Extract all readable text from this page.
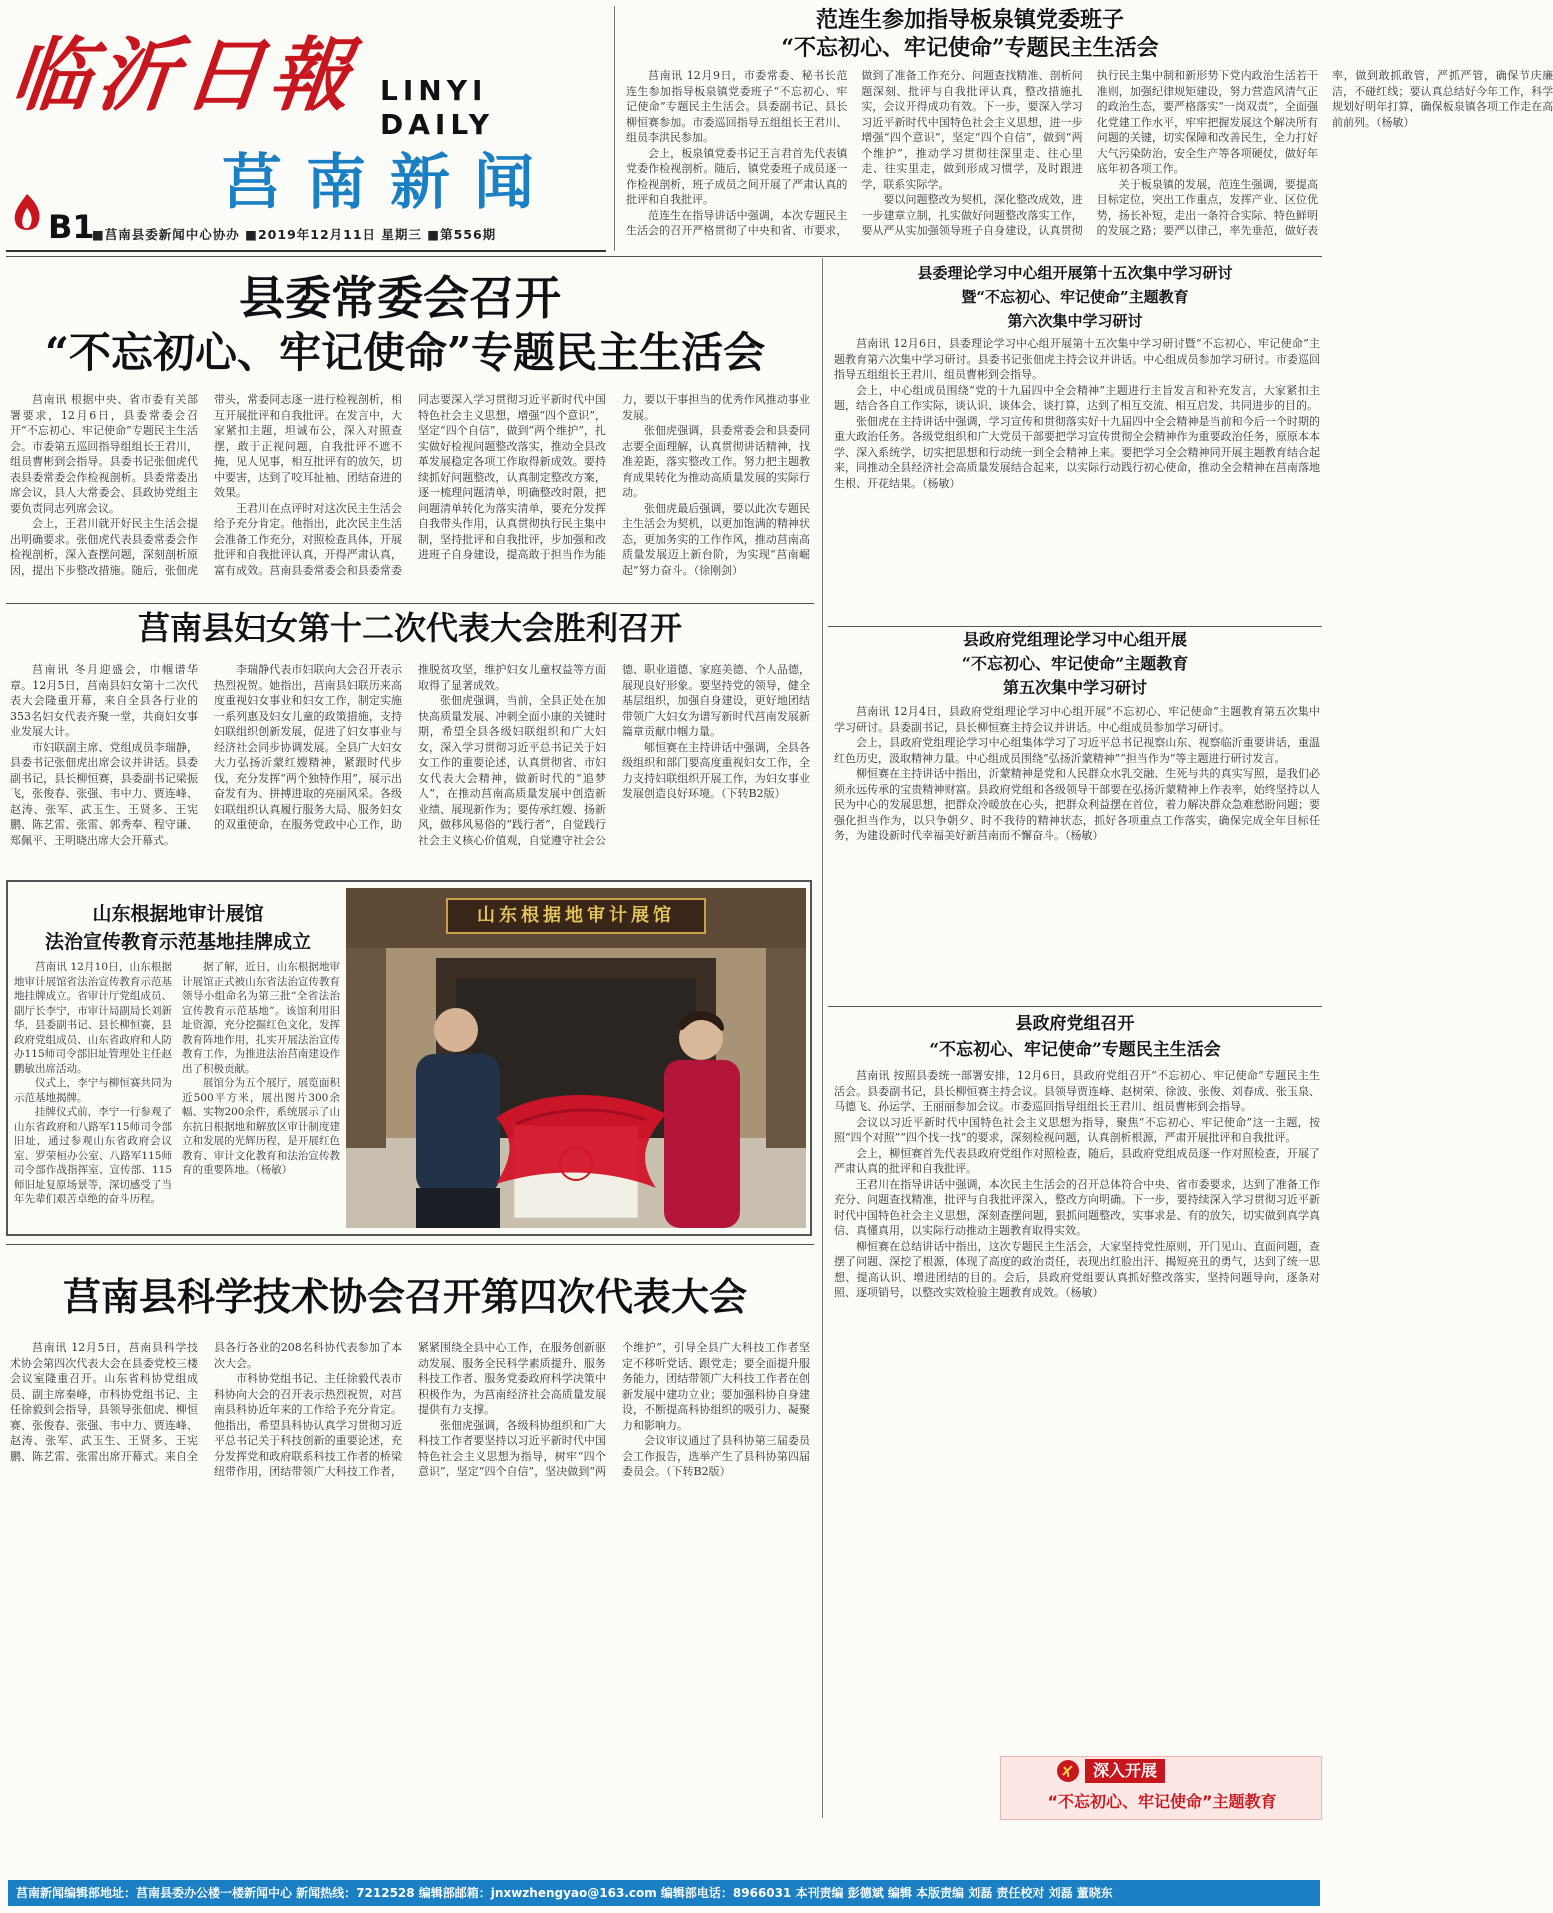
临沂日報 LINYI DAILY
莒南新闻
B1
■莒南县委新闻中心协办 ■2019年12月11日 星期三 ■第556期
范连生参加指导板泉镇党委班子
“不忘初心、牢记使命”专题民主生活会

莒南讯 12月9日，市委常委、秘书长范连生参加指导板泉镇党委班子“不忘初心、牢记使命”专题民主生活会。县委副书记、县长柳恒赛参加。市委巡回指导五组组长王君川、组员李洪民参加。

会上，板泉镇党委书记王言君首先代表镇党委作检视剖析。随后，镇党委班子成员逐一作检视剖析，班子成员之间开展了严肃认真的批评和自我批评。

范连生在指导讲话中强调，本次专题民主生活会的召开严格贯彻了中央和省、市要求，做到了准备工作充分、问题查找精准、剖析问题深刻、批评与自我批评认真，整改措施扎实，会议开得成功有效。下一步，要深入学习习近平新时代中国特色社会主义思想，进一步增强“四个意识”，坚定“四个自信”，做到“两个维护”，推动学习贯彻往深里走、往心里走、往实里走，做到形成习惯学，及时跟进学，联系实际学。

要以问题整改为契机，深化整改成效，进一步建章立制，扎实做好问题整改落实工作，要从严从实加强领导班子自身建设，认真贯彻执行民主集中制和新形势下党内政治生活若干准则，加强纪律规矩建设，努力营造风清气正的政治生态，要严格落实“一岗双责”，全面强化党建工作水平，牢牢把握发展这个解决所有问题的关键，切实保障和改善民生，全力打好大气污染防治，安全生产等各项硬仗，做好年底年初各项工作。

关于板泉镇的发展，范连生强调，要提高目标定位，突出工作重点，发挥产业、区位优势，扬长补短，走出一条符合实际、特色鲜明的发展之路；要严以律己，率先垂范，做好表率，做到敢抓敢管，严抓严管，确保节庆廉洁，不碰红线；要认真总结好今年工作，科学规划好明年打算，确保板泉镇各项工作走在高前前列。（杨敏）

县委常委会召开
“不忘初心、牢记使命”专题民主生活会

莒南讯 根据中央、省市委有关部署要求，12月6日，县委常委会召开“不忘初心、牢记使命”专题民主生活会。市委第五巡回指导组组长王君川，组员曹彬到会指导。县委书记张佃虎代表县委常委会作检视剖析。县委常委出席会议，县人大常委会、县政协党组主要负责同志列席会议。

会上，王君川就开好民主生活会提出明确要求。张佃虎代表县委常委会作检视剖析，深入查摆问题，深刻剖析原因，提出下步整改措施。随后，张佃虎带头，常委同志逐一进行检视剖析，相互开展批评和自我批评。在发言中，大家紧扣主题，坦诚布公，深入对照查摆，敢于正视问题，自我批评不遮不掩，见人见事，相互批评有的放矢，切中要害，达到了咬耳扯袖、团结奋进的效果。

王君川在点评时对这次民主生活会给予充分肯定。他指出，此次民主生活会准备工作充分，对照检查具体，开展批评和自我批评认真，开得严肃认真，富有成效。莒南县委常委会和县委常委同志要深入学习贯彻习近平新时代中国特色社会主义思想，增强“四个意识”，坚定“四个自信”，做到“两个维护”，扎实做好检视问题整改落实，推动全县改革发展稳定各项工作取得新成效。要持续抓好问题整改，认真制定整改方案，逐一梳理问题清单，明确整改时限，把问题清单转化为落实清单，要充分发挥自我带头作用，认真贯彻执行民主集中制，坚持批评和自我批评，步加强和改进班子自身建设，提高敢于担当作为能力，要以干事担当的优秀作风推动事业发展。

张佃虎强调，县委常委会和县委同志要全面理解，认真贯彻讲话精神，找准差距，落实整改工作。努力把主题教育成果转化为推动高质量发展的实际行动。

张佃虎最后强调，要以此次专题民主生活会为契机，以更加饱满的精神状态，更加务实的工作作风，推动莒南高质量发展迈上新台阶，为实现“莒南崛起”努力奋斗。（徐刚剑）

莒南县妇女第十二次代表大会胜利召开

莒南讯 冬月迎盛会，巾帼谱华章。12月5日，莒南县妇女第十二次代表大会隆重开幕，来自全县各行业的353名妇女代表齐聚一堂，共商妇女事业发展大计。

市妇联副主席、党组成员李瑞静，县委书记张佃虎出席会议并讲话。县委副书记，县长柳恒赛，县委副书记梁振飞，张俊春、张强、韦中力、贾连峰、赵涛、张军、武玉生、王贤多、王宪鹏、陈艺雷、张雷、郭秀奉、程守谦、郑佩平、王明晓出席大会开幕式。

李瑞静代表市妇联向大会召开表示热烈祝贺。她指出，莒南县妇联历来高度重视妇女事业和妇女工作，制定实施一系列惠及妇女儿童的政策措施，支持妇联组织创新发展，促进了妇女事业与经济社会同步协调发展。全县广大妇女大力弘扬沂蒙红嫂精神，紧跟时代步伐，充分发挥“两个独特作用”，展示出奋发有为、拼搏进取的亮丽风采。各级妇联组织认真履行服务大局、服务妇女的双重使命，在服务党政中心工作，助推脱贫攻坚，维护妇女儿童权益等方面取得了显著成效。

张佃虎强调，当前，全县正处在加快高质量发展、冲刺全面小康的关键时期，希望全县各级妇联组织和广大妇女，深入学习贯彻习近平总书记关于妇女工作的重要论述，认真贯彻省、市妇女代表大会精神，做新时代的“追梦人”，在推动莒南高质量发展中创造新业绩、展现新作为；要传承红嫂、扬新风，做移风易俗的“践行者”，自觉践行社会主义核心价值观，自觉遵守社会公德、职业道德、家庭美德、个人品德，展现良好形象。要坚持党的领导，健全基层组织，加强自身建设，更好地团结带领广大妇女为谱写新时代莒南发展新篇章贡献巾帼力量。

郇恒赛在主持讲话中强调，全县各级组织和部门要高度重视妇女工作，全力支持妇联组织开展工作，为妇女事业发展创造良好环境。（下转B2版）

山东根据地审计展馆
法治宣传教育示范基地挂牌成立

莒南讯 12月10日，山东根据地审计展馆省法治宣传教育示范基地挂牌成立。省审计厅党组成员、副厅长李宁，市审计局副局长刘新华，县委副书记、县长柳恒赛，县政府党组成员、山东省政府和人防办115师司令部旧址管理处主任赵鹏敏出席活动。

仪式上，李宁与柳恒赛共同为示范基地揭牌。

挂牌仪式前，李宁一行参观了山东省政府和八路军115师司令部旧址，通过参观山东省政府会议室、罗荣桓办公室、八路军115师司令部作战指挥室、宣传部、115师旧址复原场景等，深切感受了当年先辈们艰苦卓绝的奋斗历程。

据了解，近日，山东根据地审计展馆正式被山东省法治宣传教育领导小组命名为第三批“全省法治宣传教育示范基地”。该馆利用旧址资源，充分挖掘红色文化，发挥教育阵地作用，扎实开展法治宣传教育工作，为推进法治莒南建设作出了积极贡献。

展馆分为五个展厅，展览面积近500平方米，展出图片300余幅、实物200余件，系统展示了山东抗日根据地和解放区审计制度建立和发展的光辉历程，是开展红色教育、审计文化教育和法治宣传教育的重要阵地。（杨敏）

山东根据地审计展馆
莒南县科学技术协会召开第四次代表大会

莒南讯 12月5日，莒南县科学技术协会第四次代表大会在县委党校三楼会议室隆重召开。山东省科协党组成员、副主席秦峰，市科协党组书记、主任徐毅到会指导，县领导张佃虎、柳恒赛、张俊春、张强、韦中力、贾连峰、赵涛、张军、武玉生、王贤多、王宪鹏、陈艺雷、张雷出席开幕式。来自全县各行各业的208名科协代表参加了本次大会。

市科协党组书记、主任徐毅代表市科协向大会的召开表示热烈祝贺，对莒南县科协近年来的工作给予充分肯定。他指出，希望县科协认真学习贯彻习近平总书记关于科技创新的重要论述，充分发挥党和政府联系科技工作者的桥梁纽带作用，团结带领广大科技工作者，紧紧围绕全县中心工作，在服务创新驱动发展、服务全民科学素质提升、服务科技工作者、服务党委政府科学决策中积极作为，为莒南经济社会高质量发展提供有力支撑。

张佃虎强调，各级科协组织和广大科技工作者要坚持以习近平新时代中国特色社会主义思想为指导，树牢“四个意识”，坚定“四个自信”，坚决做到“两个维护”，引导全县广大科技工作者坚定不移听党话、跟党走；要全面提升服务能力，团结带领广大科技工作者在创新发展中建功立业；要加强科协自身建设，不断提高科协组织的吸引力、凝聚力和影响力。

会议审议通过了县科协第三届委员会工作报告，选举产生了县科协第四届委员会。（下转B2版）

县委理论学习中心组开展第十五次集中学习研讨
暨“不忘初心、牢记使命”主题教育
第六次集中学习研讨

莒南讯 12月6日，县委理论学习中心组开展第十五次集中学习研讨暨“不忘初心、牢记使命”主题教育第六次集中学习研讨。县委书记张佃虎主持会议并讲话。中心组成员参加学习研讨。市委巡回指导五组组长王君川、组员曹彬到会指导。

会上，中心组成员围绕“党的十九届四中全会精神”主题进行主旨发言和补充发言，大家紧扣主题，结合各自工作实际，谈认识、谈体会、谈打算，达到了相互交流、相互启发、共同进步的目的。

张佃虎在主持讲话中强调，学习宣传和贯彻落实好十九届四中全会精神是当前和今后一个时期的重大政治任务。各级党组织和广大党员干部要把学习宣传贯彻全会精神作为重要政治任务，原原本本学、深入系统学，切实把思想和行动统一到全会精神上来。要把学习全会精神同开展主题教育结合起来，同推动全县经济社会高质量发展结合起来，以实际行动践行初心使命，推动全会精神在莒南落地生根、开花结果。（杨敏）

县政府党组理论学习中心组开展
“不忘初心、牢记使命”主题教育
第五次集中学习研讨

莒南讯 12月4日，县政府党组理论学习中心组开展“不忘初心、牢记使命”主题教育第五次集中学习研讨。县委副书记，县长柳恒赛主持会议并讲话。中心组成员参加学习研讨。

会上，县政府党组理论学习中心组集体学习了习近平总书记视察山东、视察临沂重要讲话，重温红色历史，汲取精神力量。中心组成员围绕“弘扬沂蒙精神”“担当作为”等主题进行研讨发言。

柳恒赛在主持讲话中指出，沂蒙精神是党和人民群众水乳交融、生死与共的真实写照，是我们必须永远传承的宝贵精神财富。县政府党组和各级领导干部要在弘扬沂蒙精神上作表率，始终坚持以人民为中心的发展思想，把群众冷暖放在心头，把群众利益摆在首位，着力解决群众急难愁盼问题；要强化担当作为，以只争朝夕、时不我待的精神状态，抓好各项重点工作落实，确保完成全年目标任务，为建设新时代幸福美好新莒南而不懈奋斗。（杨敏）

县政府党组召开
“不忘初心、牢记使命”专题民主生活会

莒南讯 按照县委统一部署安排，12月6日，县政府党组召开“不忘初心、牢记使命”专题民主生活会。县委副书记，县长柳恒赛主持会议。县领导贾连峰、赵树荣、徐波、张俊、刘春成、张玉泉、马德飞、孙运学、王丽丽参加会议。市委巡回指导组组长王君川、组员曹彬到会指导。

会议以习近平新时代中国特色社会主义思想为指导，聚焦“不忘初心、牢记使命”这一主题，按照“四个对照”“四个找一找”的要求，深刻检视问题，认真剖析根源，严肃开展批评和自我批评。

会上，柳恒赛首先代表县政府党组作对照检查，随后，县政府党组成员逐一作对照检查，开展了严肃认真的批评和自我批评。

王君川在指导讲话中强调，本次民主生活会的召开总体符合中央、省市委要求，达到了准备工作充分、问题查找精准，批评与自我批评深入，整改方向明确。下一步，要持续深入学习贯彻习近平新时代中国特色社会主义思想，深刻查摆问题，狠抓问题整改，实事求是、有的放矢，切实做到真学真信、真懂真用，以实际行动推动主题教育取得实效。

柳恒赛在总结讲话中指出，这次专题民主生活会，大家坚持党性原则，开门见山、直面问题，查摆了问题、深挖了根源，体现了高度的政治责任，表现出红脸出汗、揭短亮丑的勇气，达到了统一思想、提高认识、增进团结的目的。会后，县政府党组要认真抓好整改落实，坚持问题导向，逐条对照、逐项销号，以整改实效检验主题教育成效。（杨敏）

深入开展
“不忘初心、牢记使命”主题教育
莒南新闻编辑部地址：莒南县委办公楼一楼新闻中心 新闻热线：7212528 编辑部邮箱：jnxwzhengyao@163.com 编辑部电话：8966031 本刊责编 彭德斌 编辑 本版责编 刘磊 责任校对 刘磊 董晓东
